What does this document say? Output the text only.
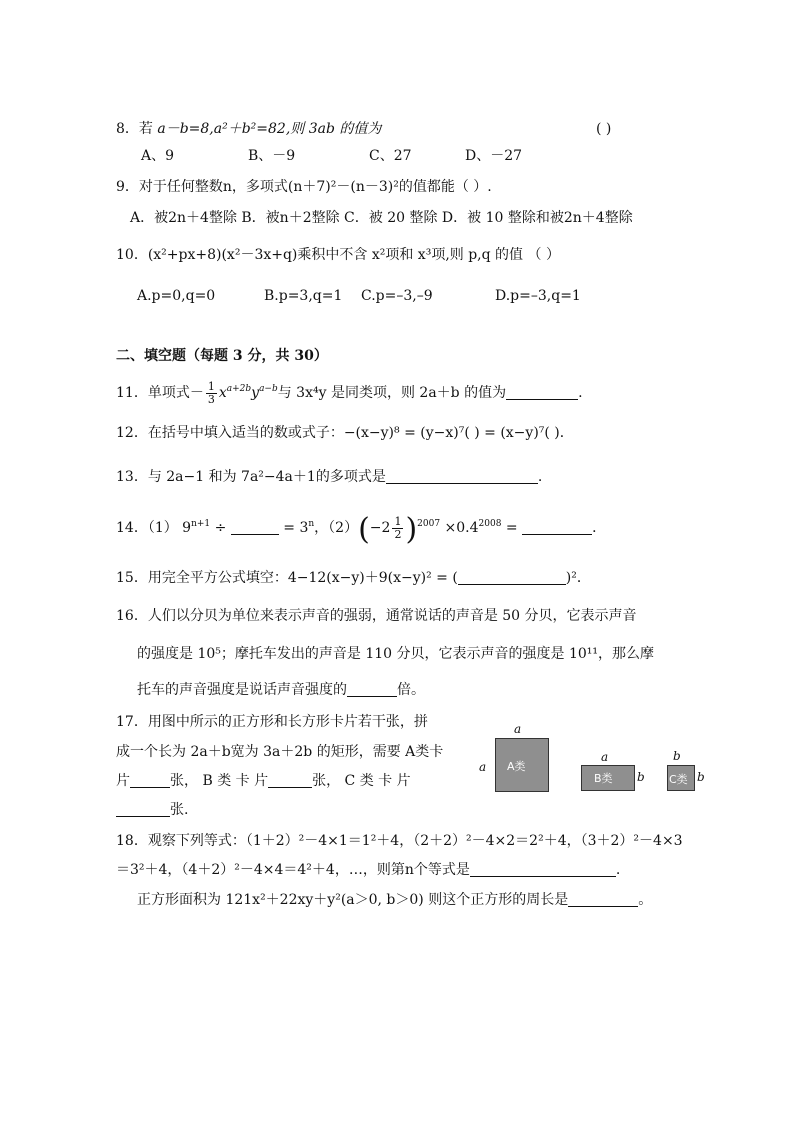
8．若 a－b=8,a²＋b²=82,则 3ab 的值为	( )
A、9	B、－9	C、27	D、－27
9．对于任何整数n，多项式(n＋7)²－(n－3)²的值都能（ ）.
A．被2n＋4整除 B．被n＋2整除 C．被 20 整除 D．被 10 整除和被2n＋4整除
10．(x²+px+8)(x²－3x+q)乘积中不含 x²项和 x³项,则 p,q 的值 （ ）
A.p=0,q=0	B.p=3,q=1 C.p=–3,–9	D.p=–3,q=1
二、填空题（每题 3 分，共 30）
11．单项式－ $\frac{1}{3} x^{a+2b}y^{a-b}$与 3x⁴y 是同类项，则 2a＋b 的值为	.
12．在括号中填入适当的数或式子：−(x−y)⁸ = (y−x)⁷( ) = (x−y)⁷( )．
13．与 2a−1 和为 7a²−4a＋1的多项式是	.
14．（1） $9^{n+1}$ ÷	= $3^n$，$(2)(-2 \frac{1}{2} )^{2007} \times 0.4^{2008}$ =	．
15．用完全平方公式填空：4−12(x−y)＋9(x−y)² = (	)²．
16．人们以分贝为单位来表示声音的强弱，通常说话的声音是 50 分贝，它表示声音
的强度是 10⁵；摩托车发出的声音是 110 分贝，它表示声音的强度是 10¹¹，那么摩
托车的声音强度是说话声音强度的	倍。
17．用图中所示的正方形和长方形卡片若干张，拼
成一个长为 2a＋b宽为 3a＋2b 的矩形，需要 A类卡
片	张， B 类 卡 片	张， C 类 卡 片
张.
a
a A类
a
B类 b
b
C类 b
18．观察下列等式：（1＋2）²－4×1＝1²＋4，（2＋2）²－4×2＝2²＋4，（3＋2）²－4×3
＝3²＋4，（4＋2）²－4×4＝4²＋4，…，则第n个等式是	.
正方形面积为 121x²＋22xy＋y²(a＞0, b＞0) 则这个正方形的周长是	。
